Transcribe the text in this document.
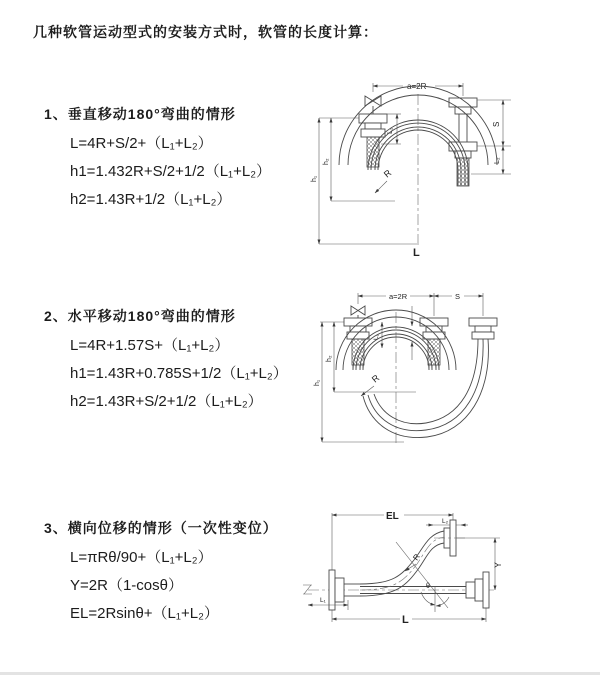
几种软管运动型式的安装方式时，软管的长度计算：
1、垂直移动180°弯曲的情形
L=4R+S/2+（L₁+L₂）
h1=1.432R+S/2+1/2（L₁+L₂）
h2=1.43R+1/2（L₁+L₂）
2、水平移动180°弯曲的情形
L=4R+1.57S+（L₁+L₂）
h1=1.43R+0.785S+1/2（L₁+L₂）
h2=1.43R+S/2+1/2（L₁+L₂）
3、横向位移的情形（一次性变位）
L=πRθ/90+（L₁+L₂）
Y=2R（1-cosθ）
EL=2Rsinθ+（L₁+L₂）
a=2R
L₁
S
L₂
h₁
h₂
R
L
a=2R	S
L₁
h₁
h₂
R
EL	L₂
R
θ
Y
L₁
L
